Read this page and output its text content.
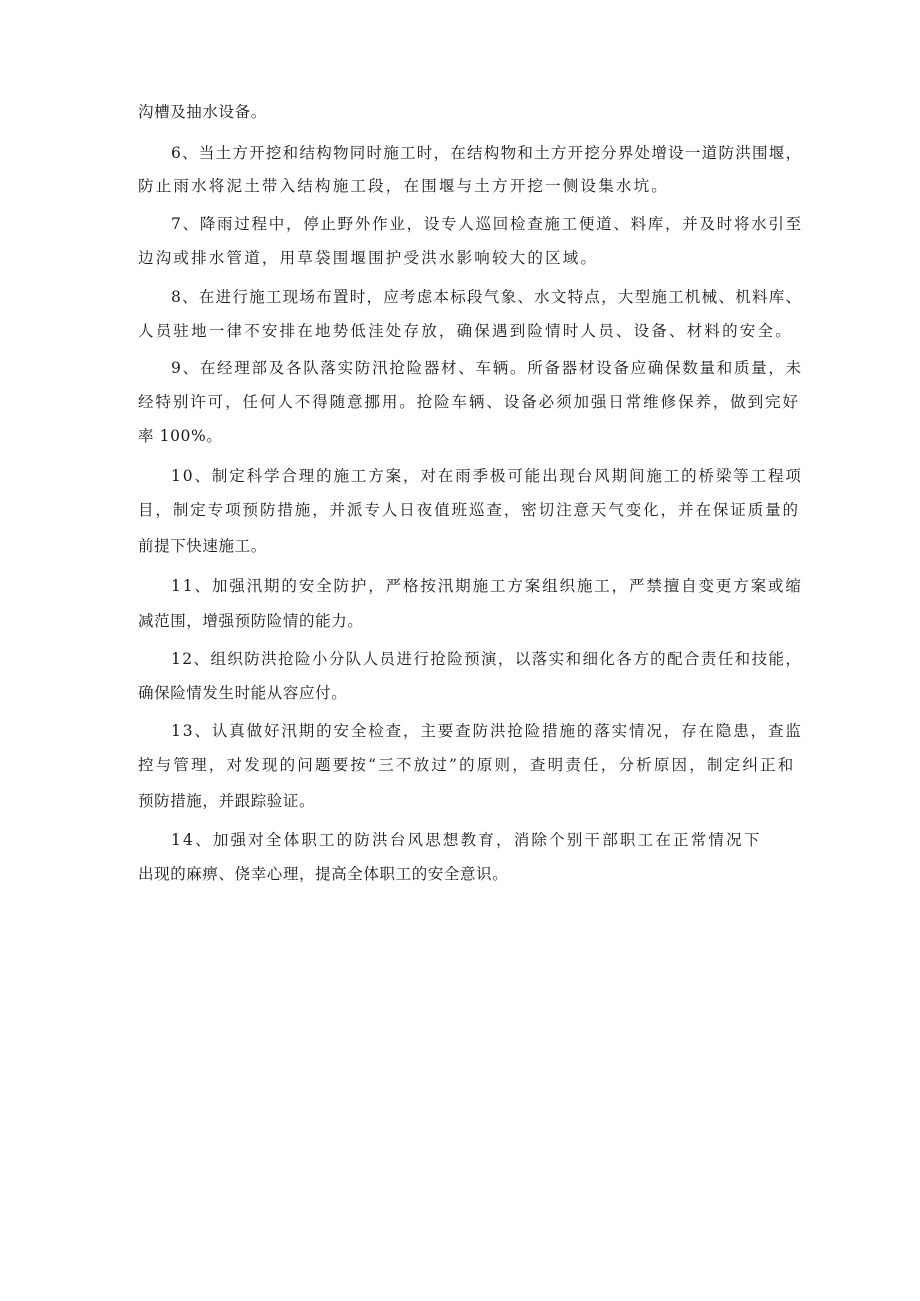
沟槽及抽水设备。

6、当土方开挖和结构物同时施工时，在结构物和土方开挖分界处增设一道防洪围堰，

防止雨水将泥土带入结构施工段，在围堰与土方开挖一侧设集水坑。

7、降雨过程中，停止野外作业，设专人巡回检查施工便道、料库，并及时将水引至

边沟或排水管道，用草袋围堰围护受洪水影响较大的区域。

8、在进行施工现场布置时，应考虑本标段气象、水文特点，大型施工机械、机料库、

人员驻地一律不安排在地势低洼处存放，确保遇到险情时人员、设备、材料的安全。

9、在经理部及各队落实防汛抢险器材、车辆。所备器材设备应确保数量和质量，未

经特别许可，任何人不得随意挪用。抢险车辆、设备必须加强日常维修保养，做到完好

率 100%。

10、制定科学合理的施工方案，对在雨季极可能出现台风期间施工的桥梁等工程项

目，制定专项预防措施，并派专人日夜值班巡查，密切注意天气变化，并在保证质量的

前提下快速施工。

11、加强汛期的安全防护，严格按汛期施工方案组织施工，严禁擅自变更方案或缩

减范围，增强预防险情的能力。

12、组织防洪抢险小分队人员进行抢险预演，以落实和细化各方的配合责任和技能，

确保险情发生时能从容应付。

13、认真做好汛期的安全检查，主要查防洪抢险措施的落实情况，存在隐患，查监

控与管理，对发现的问题要按“三不放过”的原则，查明责任，分析原因，制定纠正和

预防措施，并跟踪验证。

14、加强对全体职工的防洪台风思想教育，消除个别干部职工在正常情况下

出现的麻痹、侥幸心理，提高全体职工的安全意识。
